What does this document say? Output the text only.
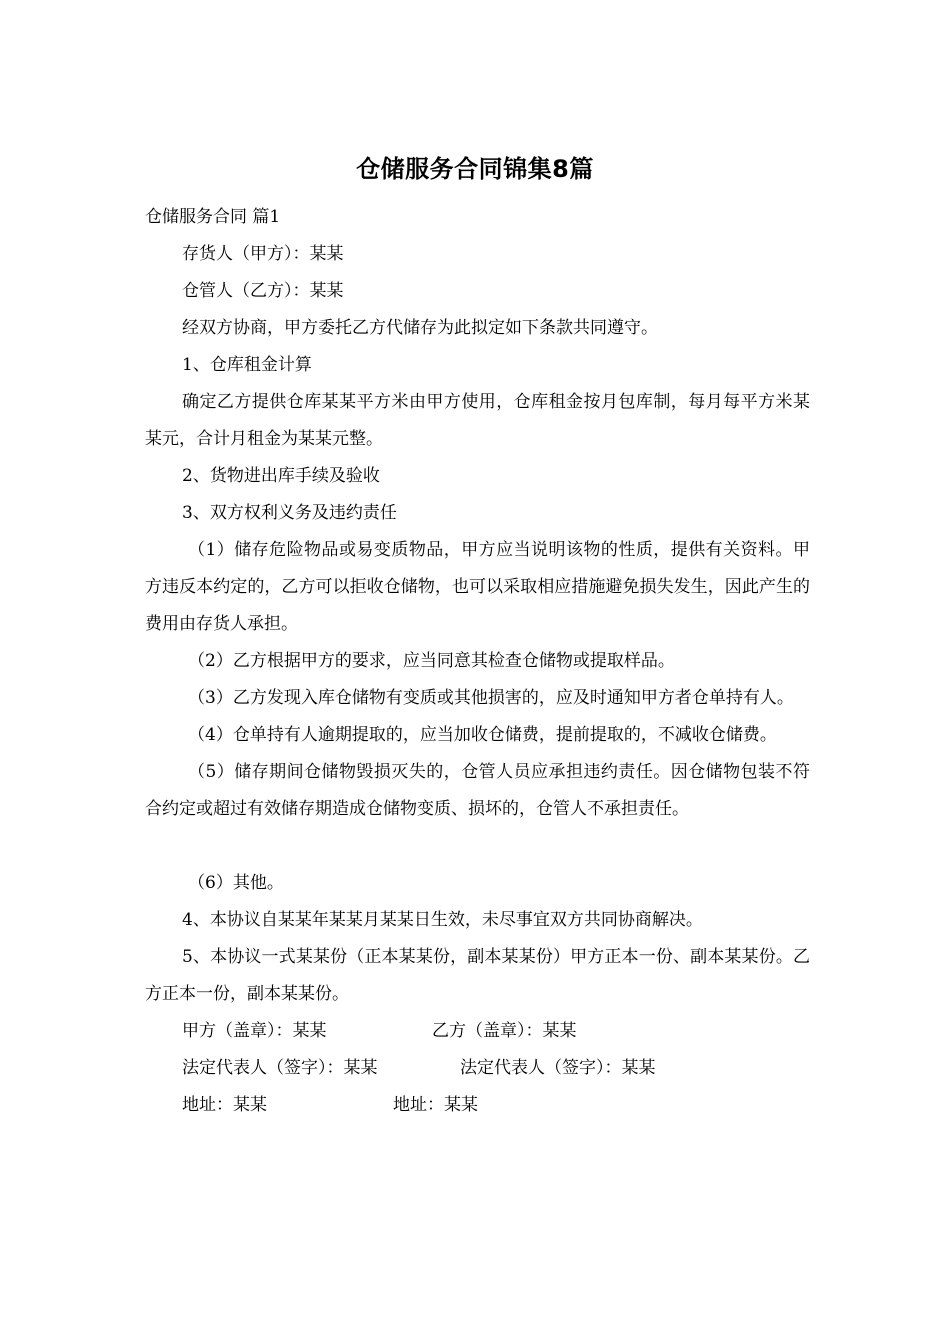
仓储服务合同锦集8篇

仓储服务合同 篇1

存货人（甲方）：某某

仓管人（乙方）：某某

经双方协商，甲方委托乙方代储存为此拟定如下条款共同遵守。

1、仓库租金计算

确定乙方提供仓库某某平方米由甲方使用，仓库租金按月包库制，每月每平方米某某元，合计月租金为某某元整。

2、货物进出库手续及验收

3、双方权利义务及违约责任

（1）储存危险物品或易变质物品，甲方应当说明该物的性质，提供有关资料。甲方违反本约定的，乙方可以拒收仓储物，也可以采取相应措施避免损失发生，因此产生的费用由存货人承担。

（2）乙方根据甲方的要求，应当同意其检查仓储物或提取样品。

（3）乙方发现入库仓储物有变质或其他损害的，应及时通知甲方者仓单持有人。

（4）仓单持有人逾期提取的，应当加收仓储费，提前提取的，不减收仓储费。

（5）储存期间仓储物毁损灭失的，仓管人员应承担违约责任。因仓储物包装不符合约定或超过有效储存期造成仓储物变质、损坏的，仓管人不承担责任。

（6）其他。

4、本协议自某某年某某月某某日生效，未尽事宜双方共同协商解决。

5、本协议一式某某份（正本某某份，副本某某份）甲方正本一份、副本某某份。乙方正本一份，副本某某份。

甲方（盖章）：某某	乙方（盖章）：某某
法定代表人（签字）：某某	法定代表人（签字）：某某
地址：某某	地址：某某
